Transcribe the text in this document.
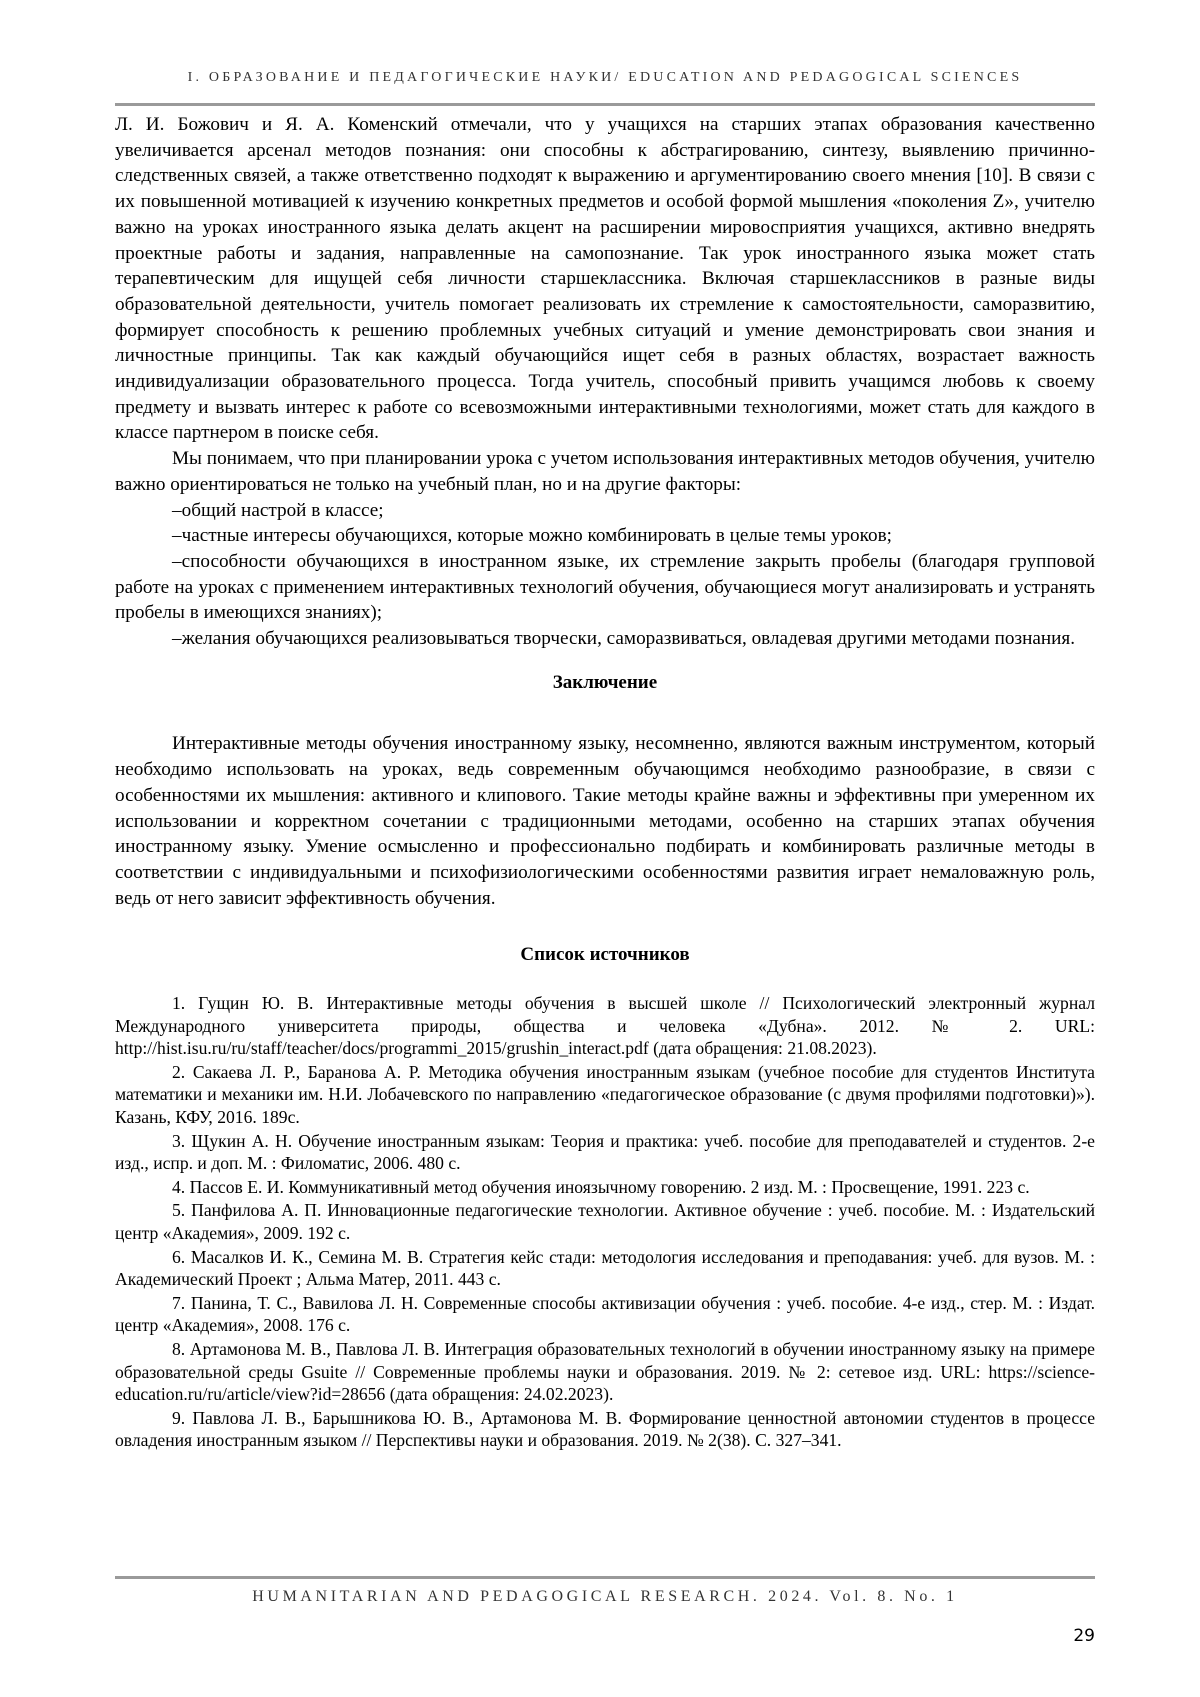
I. ОБРАЗОВАНИЕ И ПЕДАГОГИЧЕСКИЕ НАУКИ/ EDUCATION AND PEDAGOGICAL SCIENCES

Л. И. Божович и Я. А. Коменский отмечали, что у учащихся на старших этапах образования качественно увеличивается арсенал методов познания: они способны к абстрагированию, синтезу, выявлению причинно-следственных связей, а также ответственно подходят к выражению и аргументированию своего мнения [10]. В связи с их повышенной мотивацией к изучению конкретных предметов и особой формой мышления «поколения Z», учителю важно на уроках иностранного языка делать акцент на расширении мировосприятия учащихся, активно внедрять проектные работы и задания, направленные на самопознание. Так урок иностранного языка может стать терапевтическим для ищущей себя личности старшеклассника. Включая старшеклассников в разные виды образовательной деятельности, учитель помогает реализовать их стремление к самостоятельности, саморазвитию, формирует способность к решению проблемных учебных ситуаций и умение демонстрировать свои знания и личностные принципы. Так как каждый обучающийся ищет себя в разных областях, возрастает важность индивидуализации образовательного процесса. Тогда учитель, способный привить учащимся любовь к своему предмету и вызвать интерес к работе со всевозможными интерактивными технологиями, может стать для каждого в классе партнером в поиске себя.

Мы понимаем, что при планировании урока с учетом использования интерактивных методов обучения, учителю важно ориентироваться не только на учебный план, но и на другие факторы:

–общий настрой в классе;

–частные интересы обучающихся, которые можно комбинировать в целые темы уроков;

–способности обучающихся в иностранном языке, их стремление закрыть пробелы (благодаря групповой работе на уроках с применением интерактивных технологий обучения, обучающиеся могут анализировать и устранять пробелы в имеющихся знаниях);

–желания обучающихся реализовываться творчески, саморазвиваться, овладевая другими методами познания.

Заключение

Интерактивные методы обучения иностранному языку, несомненно, являются важным инструментом, который необходимо использовать на уроках, ведь современным обучающимся необходимо разнообразие, в связи с особенностями их мышления: активного и клипового. Такие методы крайне важны и эффективны при умеренном их использовании и корректном сочетании с традиционными методами, особенно на старших этапах обучения иностранному языку. Умение осмысленно и профессионально подбирать и комбинировать различные методы в соответствии с индивидуальными и психофизиологическими особенностями развития играет немаловажную роль, ведь от него зависит эффективность обучения.

Список источников

1. Гущин Ю. В. Интерактивные методы обучения в высшей школе // Психологический электронный журнал Международного университета природы, общества и человека «Дубна». 2012. № 2. URL: http://hist.isu.ru/ru/staff/teacher/docs/programmi_2015/grushin_interact.pdf (дата обращения: 21.08.2023).

2. Сакаева Л. Р., Баранова А. Р. Методика обучения иностранным языкам (учебное пособие для студентов Института математики и механики им. Н.И. Лобачевского по направлению «педагогическое образование (с двумя профилями подготовки)»). Казань, КФУ, 2016. 189с.

3. Щукин А. Н. Обучение иностранным языкам: Теория и практика: учеб. пособие для преподавателей и студентов. 2-е изд., испр. и доп. М. : Филоматис, 2006. 480 с.

4. Пассов Е. И. Коммуникативный метод обучения иноязычному говорению. 2 изд. М. : Просвещение, 1991. 223 с.

5. Панфилова А. П. Инновационные педагогические технологии. Активное обучение : учеб. пособие. М. : Издательский центр «Академия», 2009. 192 с.

6. Масалков И. К., Семина М. В. Стратегия кейс стади: методология исследования и преподавания: учеб. для вузов. М. : Академический Проект ; Альма Матер, 2011. 443 с.

7. Панина, Т. С., Вавилова Л. Н. Современные способы активизации обучения : учеб. пособие. 4-е изд., стер. М. : Издат. центр «Академия», 2008. 176 с.

8. Артамонова М. В., Павлова Л. В. Интеграция образовательных технологий в обучении иностранному языку на примере образовательной среды Gsuite // Современные проблемы науки и образования. 2019. № 2: сетевое изд. URL: https://science-education.ru/ru/article/view?id=28656 (дата обращения: 24.02.2023).

9. Павлова Л. В., Барышникова Ю. В., Артамонова М. В. Формирование ценностной автономии студентов в процессе овладения иностранным языком // Перспективы науки и образования. 2019. № 2(38). С. 327–341.

HUMANITARIAN AND PEDAGOGICAL RESEARCH. 2024. Vol. 8. No. 1
29
